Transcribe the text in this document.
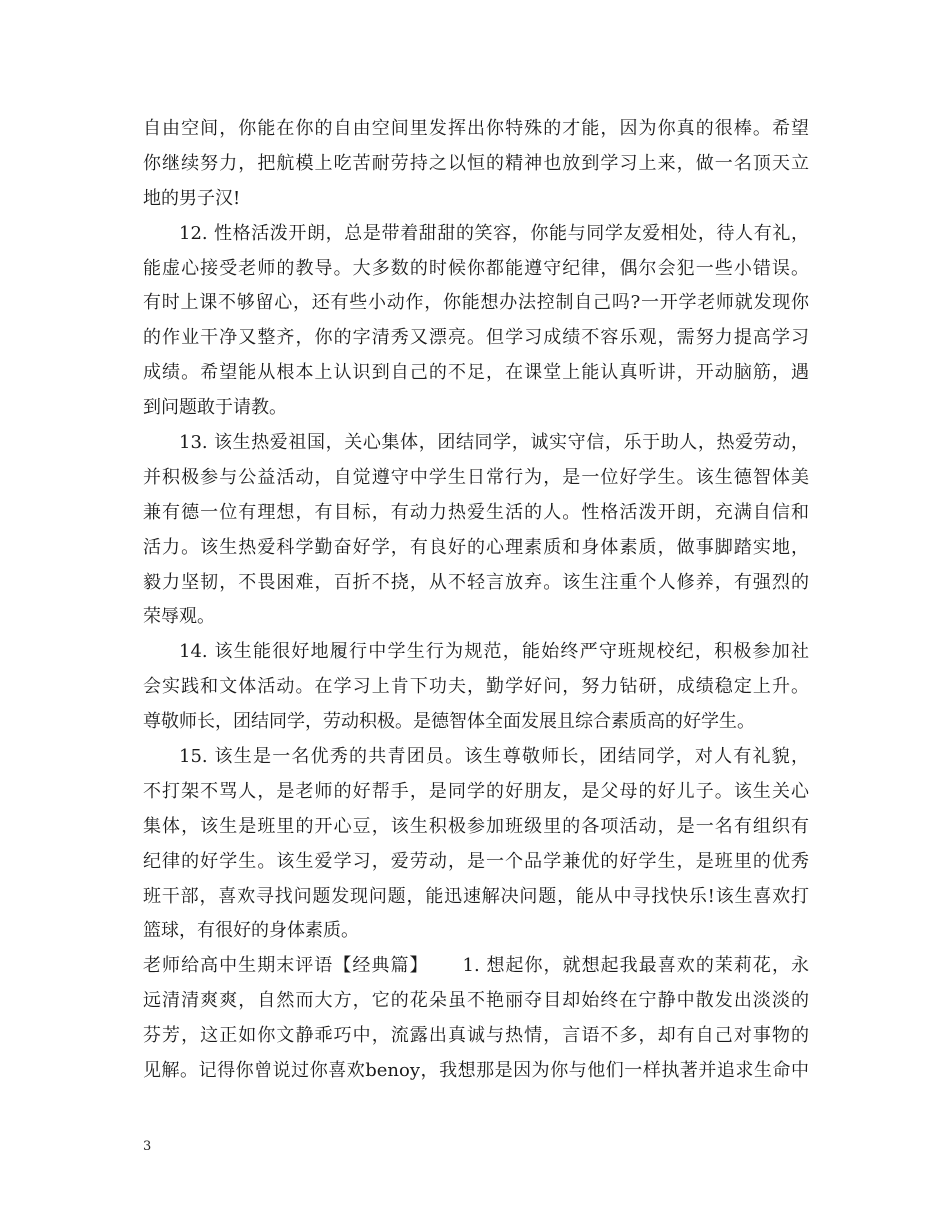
自由空间，你能在你的自由空间里发挥出你特殊的才能，因为你真的很棒。希望
你继续努力，把航模上吃苦耐劳持之以恒的精神也放到学习上来，做一名顶天立
地的男子汉!
12. 性格活泼开朗，总是带着甜甜的笑容，你能与同学友爱相处，待人有礼，
能虚心接受老师的教导。大多数的时候你都能遵守纪律，偶尔会犯一些小错误。
有时上课不够留心，还有些小动作，你能想办法控制自己吗?一开学老师就发现你
的作业干净又整齐，你的字清秀又漂亮。但学习成绩不容乐观，需努力提高学习
成绩。希望能从根本上认识到自己的不足，在课堂上能认真听讲，开动脑筋，遇
到问题敢于请教。
13. 该生热爱祖国，关心集体，团结同学，诚实守信，乐于助人，热爱劳动，
并积极参与公益活动，自觉遵守中学生日常行为，是一位好学生。该生德智体美
兼有德一位有理想，有目标，有动力热爱生活的人。性格活泼开朗，充满自信和
活力。该生热爱科学勤奋好学，有良好的心理素质和身体素质，做事脚踏实地，
毅力坚韧，不畏困难，百折不挠，从不轻言放弃。该生注重个人修养，有强烈的
荣辱观。
14. 该生能很好地履行中学生行为规范，能始终严守班规校纪，积极参加社
会实践和文体活动。在学习上肯下功夫，勤学好问，努力钻研，成绩稳定上升。
尊敬师长，团结同学，劳动积极。是德智体全面发展且综合素质高的好学生。
15. 该生是一名优秀的共青团员。该生尊敬师长，团结同学，对人有礼貌，
不打架不骂人，是老师的好帮手，是同学的好朋友，是父母的好儿子。该生关心
集体，该生是班里的开心豆，该生积极参加班级里的各项活动，是一名有组织有
纪律的好学生。该生爱学习，爱劳动，是一个品学兼优的好学生，是班里的优秀
班干部，喜欢寻找问题发现问题，能迅速解决问题，能从中寻找快乐!该生喜欢打
篮球，有很好的身体素质。
老师给高中生期末评语【经典篇】 1. 想起你，就想起我最喜欢的茉莉花，永
远清清爽爽，自然而大方，它的花朵虽不艳丽夺目却始终在宁静中散发出淡淡的
芬芳，这正如你文静乖巧中，流露出真诚与热情，言语不多，却有自己对事物的
见解。记得你曾说过你喜欢benoy，我想那是因为你与他们一样执著并追求生命中
3
